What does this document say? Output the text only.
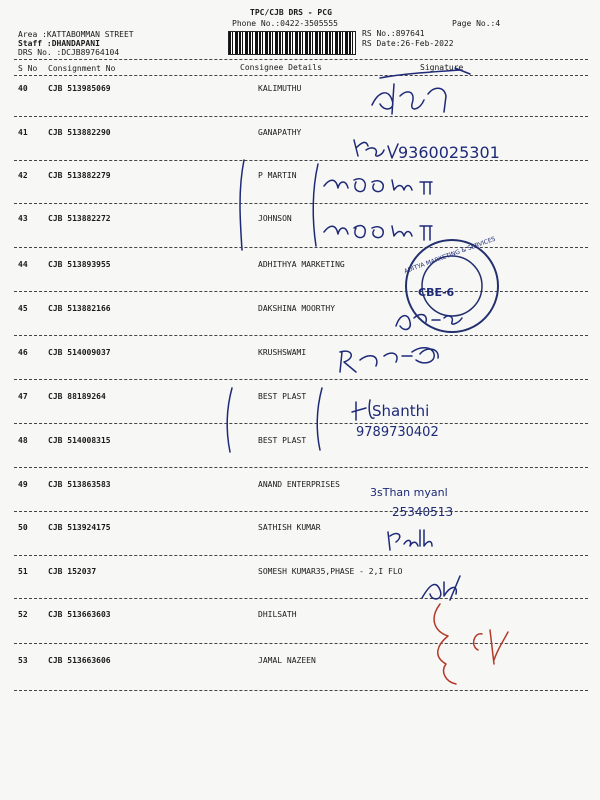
TPC/CJB DRS - PCG
Phone No.:0422-3505555	Page No.:4
Area :KATTABOMMAN STREET
Staff :DHANDAPANI
DRS No. :DCJB89764104
RS No.:897641
RS Date:26-Feb-2022
S No Consignment No	Consignee Details	Signature
40	CJB 513985069	KALIMUTHU
41	CJB 513882290	GANAPATHY
42	CJB 513882279	P MARTIN
43	CJB 513882272	JOHNSON
44	CJB 513893955	ADHITHYA MARKETING
45	CJB 513882166	DAKSHINA MOORTHY
46	CJB 514009037	KRUSHSWAMI
47	CJB 88189264	BEST PLAST
48	CJB 514008315	BEST PLAST
49	CJB 513863583	ANAND ENTERPRISES
50	CJB 513924175	SATHISH KUMAR
51	CJB 152037	SOMESH KUMAR35,PHASE - 2,I FLO
52	CJB 513663603	DHILSATH
53	CJB 513663606	JAMAL NAZEEN
9360025301
CBE-6
ADITYA MARKETING & SERVICES
Shanthi
9789730402
3sThan myanl
25340513
